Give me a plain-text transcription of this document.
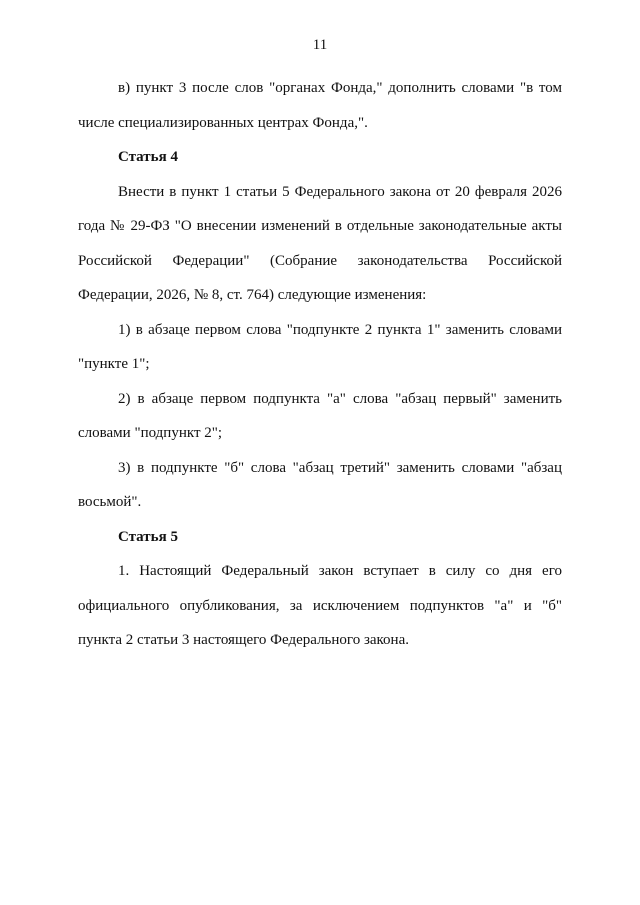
11

в) пункт 3 после слов "органах Фонда," дополнить словами "в том числе специализированных центрах Фонда,".

Статья 4

Внести в пункт 1 статьи 5 Федерального закона от 20 февраля 2026 года № 29-ФЗ "О внесении изменений в отдельные законодательные акты Российской Федерации" (Собрание законодательства Российской Федерации, 2026, № 8, ст. 764) следующие изменения:

1) в абзаце первом слова "подпункте 2 пункта 1" заменить словами "пункте 1";

2) в абзаце первом подпункта "а" слова "абзац первый" заменить словами "подпункт 2";

3) в подпункте "б" слова "абзац третий" заменить словами "абзац восьмой".

Статья 5

1. Настоящий Федеральный закон вступает в силу со дня его официального опубликования, за исключением подпунктов "а" и "б" пункта 2 статьи 3 настоящего Федерального закона.
